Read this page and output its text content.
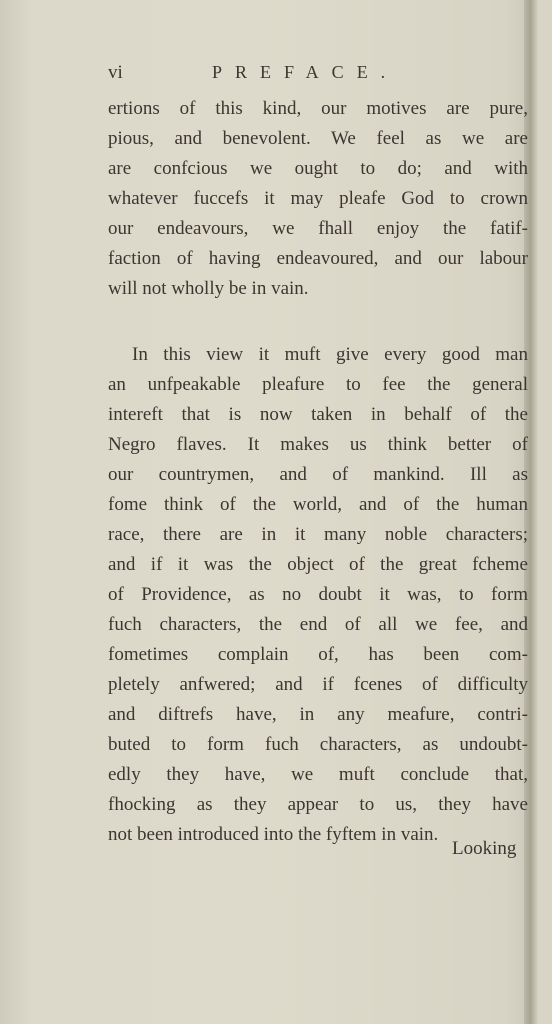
vi	PREFACE.
ertions of this kind, our motives are pure,
pious, and benevolent. We feel as we are
are confcious we ought to do; and with
whatever fuccefs it may pleafe God to crown
our endeavours, we fhall enjoy the fatif-
faction of having endeavoured, and our labour
will not wholly be in vain.
In this view it muft give every good man
an unfpeakable pleafure to fee the general
intereft that is now taken in behalf of the
Negro flaves. It makes us think better of
our countrymen, and of mankind. Ill as
fome think of the world, and of the human
race, there are in it many noble characters;
and if it was the object of the great fcheme
of Providence, as no doubt it was, to form
fuch characters, the end of all we fee, and
fometimes complain of, has been com-
pletely anfwered; and if fcenes of difficulty
and diftrefs have, in any meafure, contri-
buted to form fuch characters, as undoubt-
edly they have, we muft conclude that,
fhocking as they appear to us, they have
not been introduced into the fyftem in vain.
Looking
